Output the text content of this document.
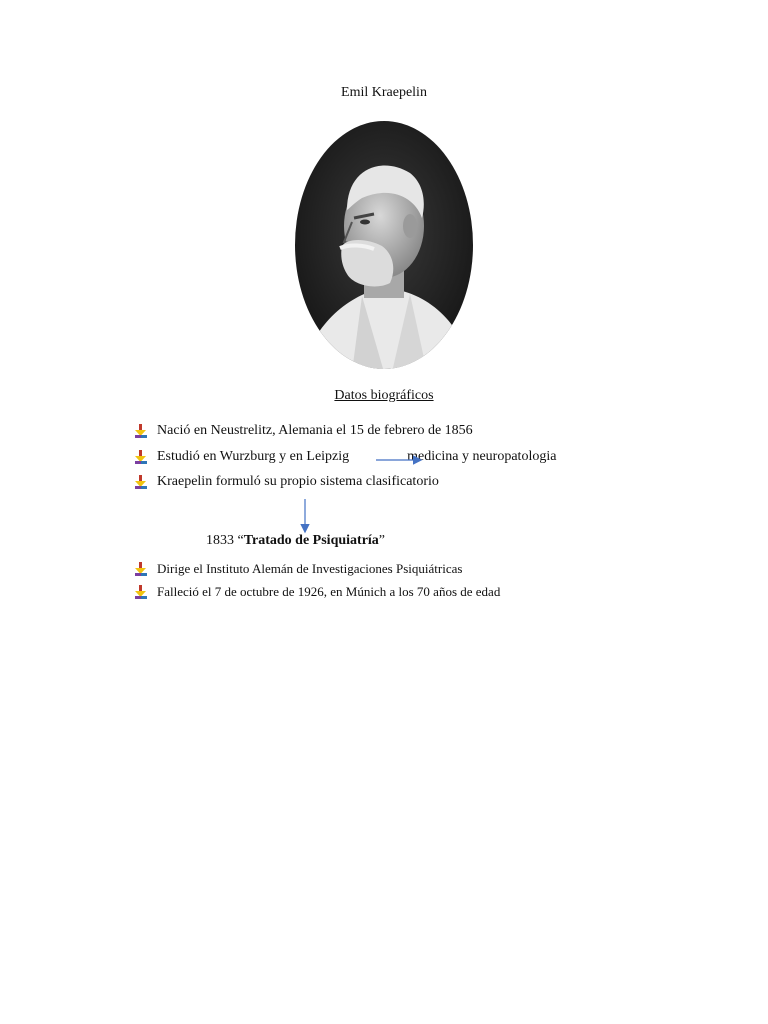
Emil Kraepelin
Datos biográficos
Nació en Neustrelitz, Alemania el 15 de febrero de 1856
Estudió en Wurzburg y en Leipzig	medicina y neuropatologia
Kraepelin formuló su propio sistema clasificatorio
1833 “Tratado de Psiquiatría”
Dirige el Instituto Alemán de Investigaciones Psiquiátricas
Falleció el 7 de octubre de 1926, en Múnich a los 70 años de edad
